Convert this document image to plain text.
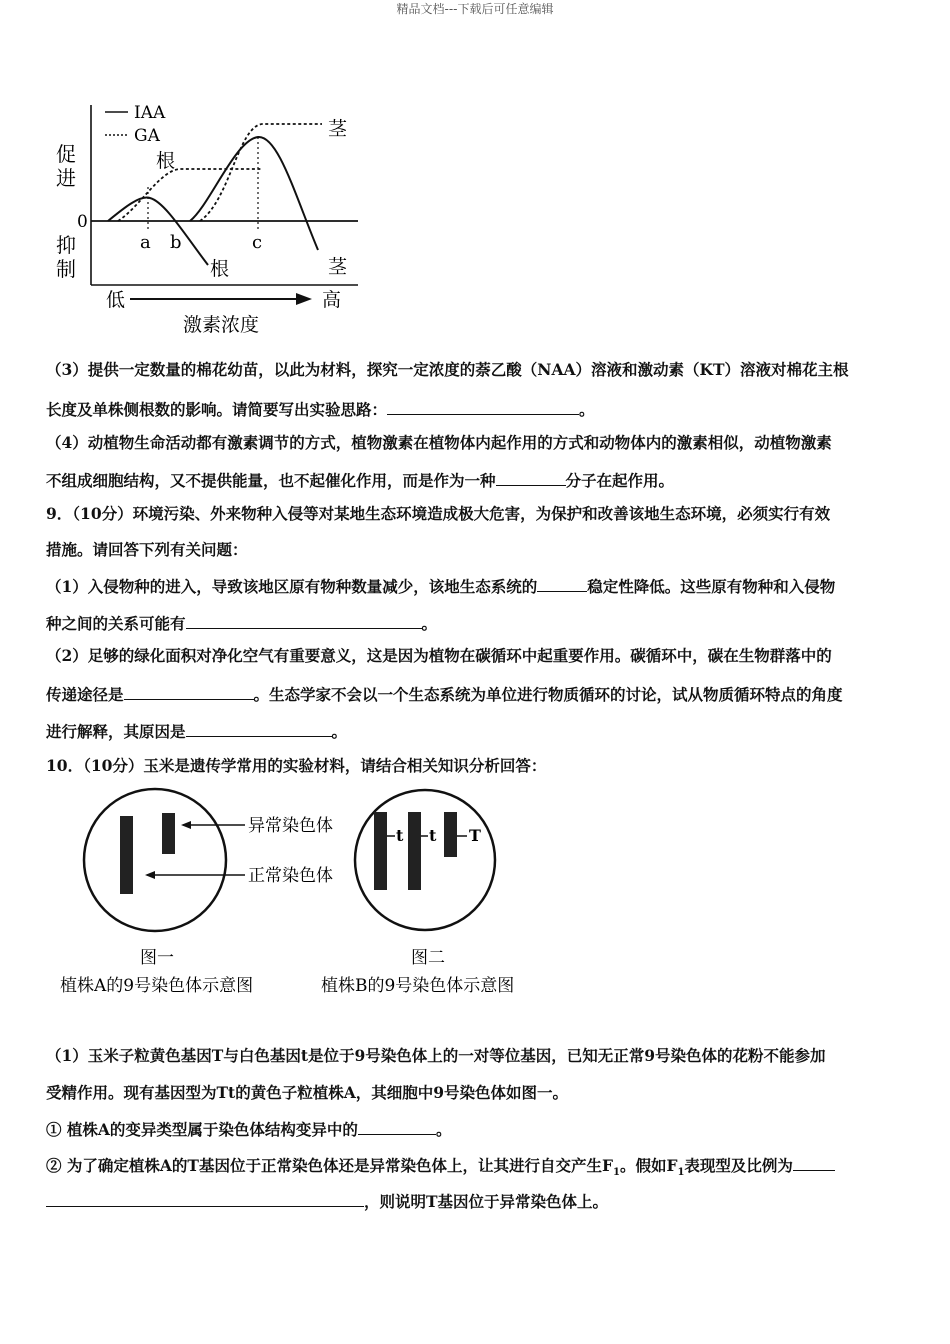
精品文档---下载后可任意编辑
IAA
GA
促进
0
抑制
a b	c
根
茎
根	茎
低	高
激素浓度
（3）提供一定数量的棉花幼苗，以此为材料，探究一定浓度的萘乙酸（NAA）溶液和激动素（KT）溶液对棉花主根
长度及单株侧根数的影响。请简要写出实验思路：	。
（4）动植物生命活动都有激素调节的方式，植物激素在植物体内起作用的方式和动物体内的激素相似，动植物激素
不组成细胞结构，又不提供能量，也不起催化作用，而是作为一种	分子在起作用。
9．（10分）环境污染、外来物种入侵等对某地生态环境造成极大危害，为保护和改善该地生态环境，必须实行有效
措施。请回答下列有关问题：
（1）入侵物种的进入，导致该地区原有物种数量减少，该地生态系统的	稳定性降低。这些原有物种和入侵物
种之间的关系可能有	。
（2）足够的绿化面积对净化空气有重要意义，这是因为植物在碳循环中起重要作用。碳循环中，碳在生物群落中的
传递途径是	。生态学家不会以一个生态系统为单位进行物质循环的讨论，试从物质循环特点的角度
进行解释，其原因是	。
10．（10分）玉米是遗传学常用的实验材料，请结合相关知识分析回答：
异常染色体
正常染色体
图一
植株A的9号染色体示意图
t t T
图二
植株B的9号染色体示意图
（1）玉米子粒黄色基因T与白色基因t是位于9号染色体上的一对等位基因，已知无正常9号染色体的花粉不能参加
受精作用。现有基因型为Tt的黄色子粒植株A，其细胞中9号染色体如图一。
① 植株A的变异类型属于染色体结构变异中的	。
② 为了确定植株A的T基因位于正常染色体还是异常染色体上，让其进行自交产生$F_1$。假如$F_1$表现型及比例为
，则说明T基因位于异常染色体上。
